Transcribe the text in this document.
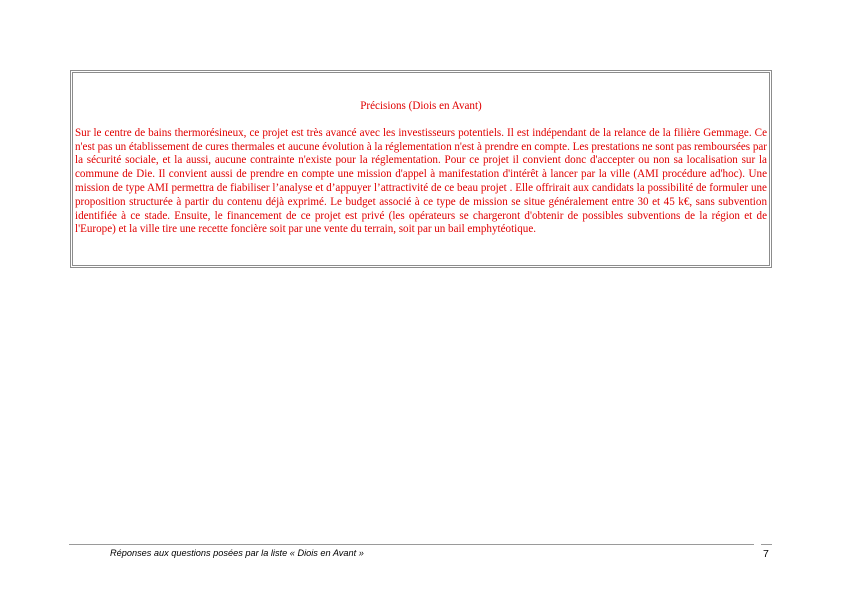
Précisions (Diois en Avant)

Sur le centre de bains thermorésineux, ce projet est très avancé avec les investisseurs potentiels. Il est indépendant de la relance de la filière Gemmage. Ce n'est pas un établissement de cures thermales et aucune évolution à la réglementation n'est à prendre en compte. Les prestations ne sont pas remboursées par la sécurité sociale, et la aussi, aucune contrainte n'existe pour la réglementation. Pour ce projet il convient donc d'accepter ou non sa localisation sur la commune de Die. Il convient aussi de prendre en compte une mission d'appel à manifestation d'intérêt à lancer par la ville (AMI procédure ad'hoc). Une mission de type AMI permettra de fiabiliser l’analyse et d’appuyer l’attractivité de ce beau projet . Elle offrirait aux candidats la possibilité de formuler une proposition structurée à partir du contenu déjà exprimé. Le budget associé à ce type de mission se situe généralement entre 30 et 45 k€, sans subvention identifiée à ce stade. Ensuite, le financement de ce projet est privé (les opérateurs se chargeront d'obtenir de possibles subventions de la région et de l'Europe) et la ville tire une recette foncière soit par une vente du terrain, soit par un bail emphytéotique.

Réponses aux questions posées par la liste « Diois en Avant »	7
